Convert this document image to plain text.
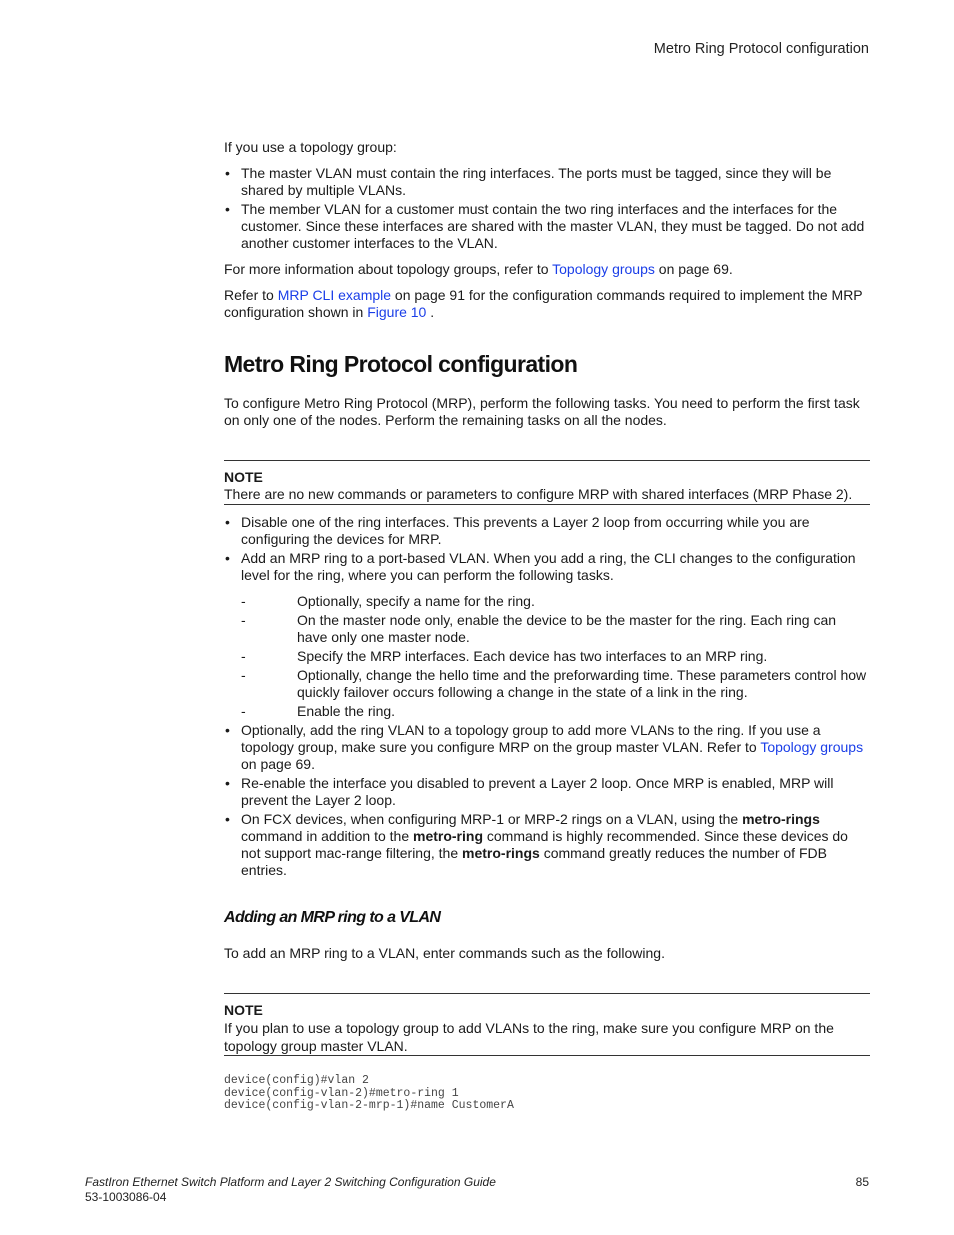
Metro Ring Protocol configuration

If you use a topology group:

• The master VLAN must contain the ring interfaces. The ports must be tagged, since they will be shared by multiple VLANs.
• The member VLAN for a customer must contain the two ring interfaces and the interfaces for the customer. Since these interfaces are shared with the master VLAN, they must be tagged. Do not add another customer interfaces to the VLAN.

For more information about topology groups, refer to Topology groups on page 69.

Refer to MRP CLI example on page 91 for the configuration commands required to implement the MRP configuration shown in Figure 10 .

Metro Ring Protocol configuration

To configure Metro Ring Protocol (MRP), perform the following tasks. You need to perform the first task on only one of the nodes. Perform the remaining tasks on all the nodes.

NOTE

There are no new commands or parameters to configure MRP with shared interfaces (MRP Phase 2).

• Disable one of the ring interfaces. This prevents a Layer 2 loop from occurring while you are configuring the devices for MRP.
• Add an MRP ring to a port-based VLAN. When you add a ring, the CLI changes to the configuration level for the ring, where you can perform the following tasks.
- Optionally, specify a name for the ring.
- On the master node only, enable the device to be the master for the ring. Each ring can have only one master node.
- Specify the MRP interfaces. Each device has two interfaces to an MRP ring.
- Optionally, change the hello time and the preforwarding time. These parameters control how quickly failover occurs following a change in the state of a link in the ring.
- Enable the ring.
• Optionally, add the ring VLAN to a topology group to add more VLANs to the ring. If you use a topology group, make sure you configure MRP on the group master VLAN. Refer to Topology groups on page 69.
• Re-enable the interface you disabled to prevent a Layer 2 loop. Once MRP is enabled, MRP will prevent the Layer 2 loop.
• On FCX devices, when configuring MRP-1 or MRP-2 rings on a VLAN, using the metro-rings command in addition to the metro-ring command is highly recommended. Since these devices do not support mac-range filtering, the metro-rings command greatly reduces the number of FDB entries.
Adding an MRP ring to a VLAN

To add an MRP ring to a VLAN, enter commands such as the following.

NOTE

If you plan to use a topology group to add VLANs to the ring, make sure you configure MRP on the topology group master VLAN.

device(config)#vlan 2
device(config-vlan-2)#metro-ring 1
device(config-vlan-2-mrp-1)#name CustomerA
FastIron Ethernet Switch Platform and Layer 2 Switching Configuration Guide
53-1003086-04
85
